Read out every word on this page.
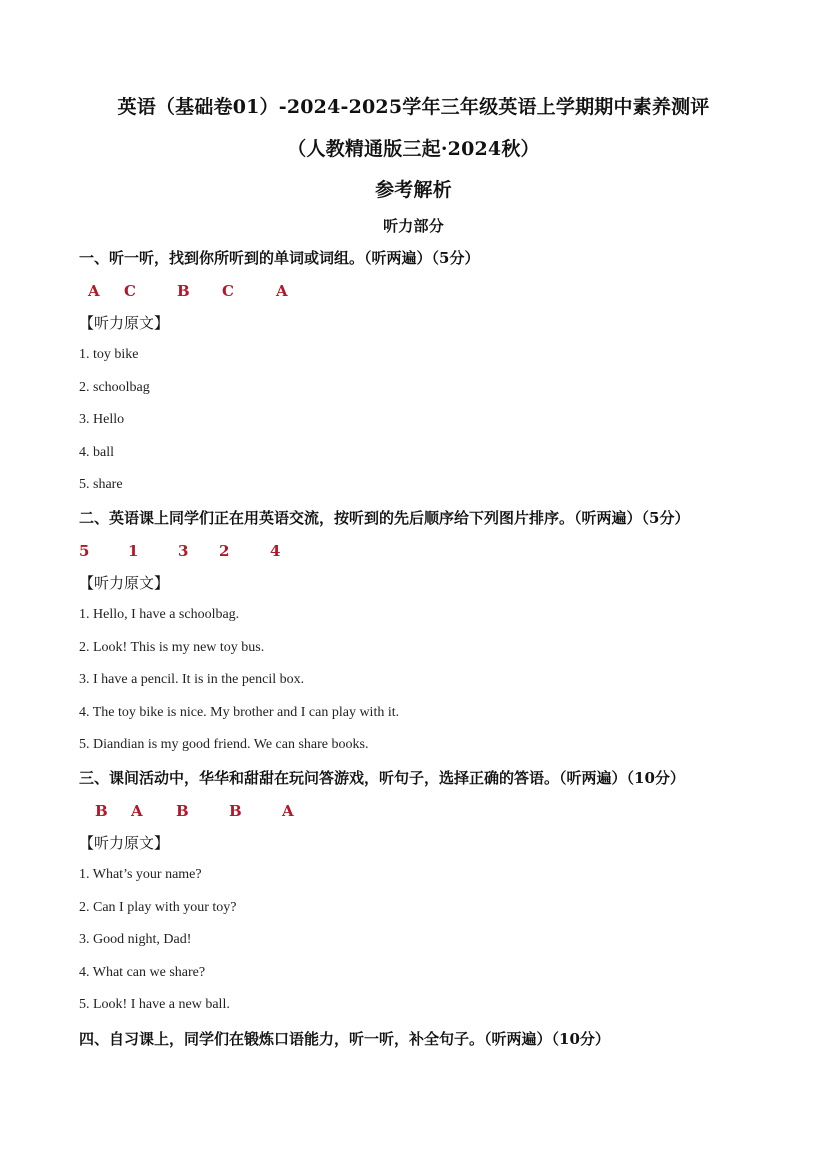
英语（基础卷01）-2024-2025学年三年级英语上学期期中素养测评
（人教精通版三起·2024秋）
参考解析
听力部分
一、听一听，找到你所听到的单词或词组。（听两遍）（5分）
A C	B C	A
【听力原文】
1. toy bike
2. schoolbag
3. Hello
4. ball
5. share
二、英语课上同学们正在用英语交流，按听到的先后顺序给下列图片排序。（听两遍）（5分）
5	1	3 2	4
【听力原文】
1. Hello, I have a schoolbag.
2. Look! This is my new toy bus.
3. I have a pencil. It is in the pencil box.
4. The toy bike is nice. My brother and I can play with it.
5. Diandian is my good friend. We can share books.
三、课间活动中，华华和甜甜在玩问答游戏，听句子，选择正确的答语。（听两遍）（10分）
B A B	B	A
【听力原文】
1. What’s your name?
2. Can I play with your toy?
3. Good night, Dad!
4. What can we share?
5. Look! I have a new ball.
四、自习课上，同学们在锻炼口语能力，听一听，补全句子。（听两遍）（10分）
